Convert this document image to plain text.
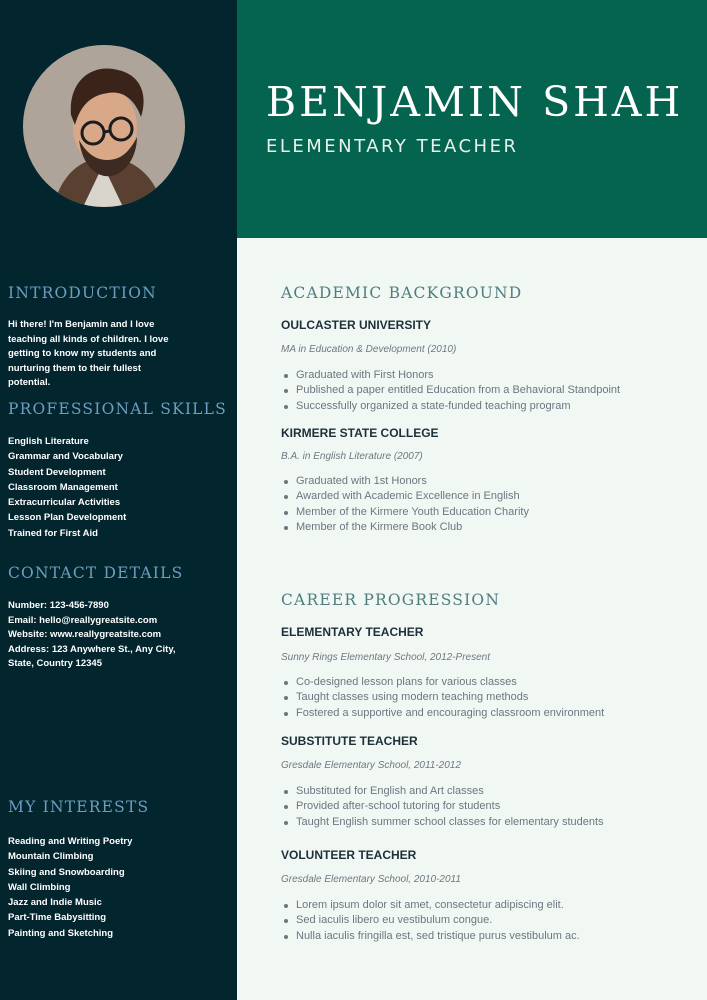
BENJAMIN SHAH
ELEMENTARY TEACHER
INTRODUCTION
Hi there! I'm Benjamin and I love teaching all kinds of children. I love getting to know my students and nurturing them to their fullest potential.
PROFESSIONAL SKILLS
English Literature
Grammar and Vocabulary
Student Development
Classroom Management
Extracurricular Activities
Lesson Plan Development
Trained for First Aid
CONTACT DETAILS
Number: 123-456-7890
Email: hello@reallygreatsite.com
Website: www.reallygreatsite.com
Address: 123 Anywhere St., Any City, State, Country 12345
MY INTERESTS
Reading and Writing Poetry
Mountain Climbing
Skiing and Snowboarding
Wall Climbing
Jazz and Indie Music
Part-Time Babysitting
Painting and Sketching
ACADEMIC BACKGROUND
OULCASTER UNIVERSITY
MA in Education & Development (2010)
Graduated with First Honors
Published a paper entitled Education from a Behavioral Standpoint
Successfully organized a state-funded teaching program
KIRMERE STATE COLLEGE
B.A. in English Literature (2007)
Graduated with 1st Honors
Awarded with Academic Excellence in English
Member of the Kirmere Youth Education Charity
Member of the Kirmere Book Club
CAREER PROGRESSION
ELEMENTARY TEACHER
Sunny Rings Elementary School, 2012-Present
Co-designed lesson plans for various classes
Taught classes using modern teaching methods
Fostered a supportive and encouraging classroom environment
SUBSTITUTE TEACHER
Gresdale Elementary School, 2011-2012
Substituted for English and Art classes
Provided after-school tutoring for students
Taught English summer school classes for elementary students
VOLUNTEER TEACHER
Gresdale Elementary School, 2010-2011
Lorem ipsum dolor sit amet, consectetur adipiscing elit.
Sed iaculis libero eu vestibulum congue.
Nulla iaculis fringilla est, sed tristique purus vestibulum ac.
